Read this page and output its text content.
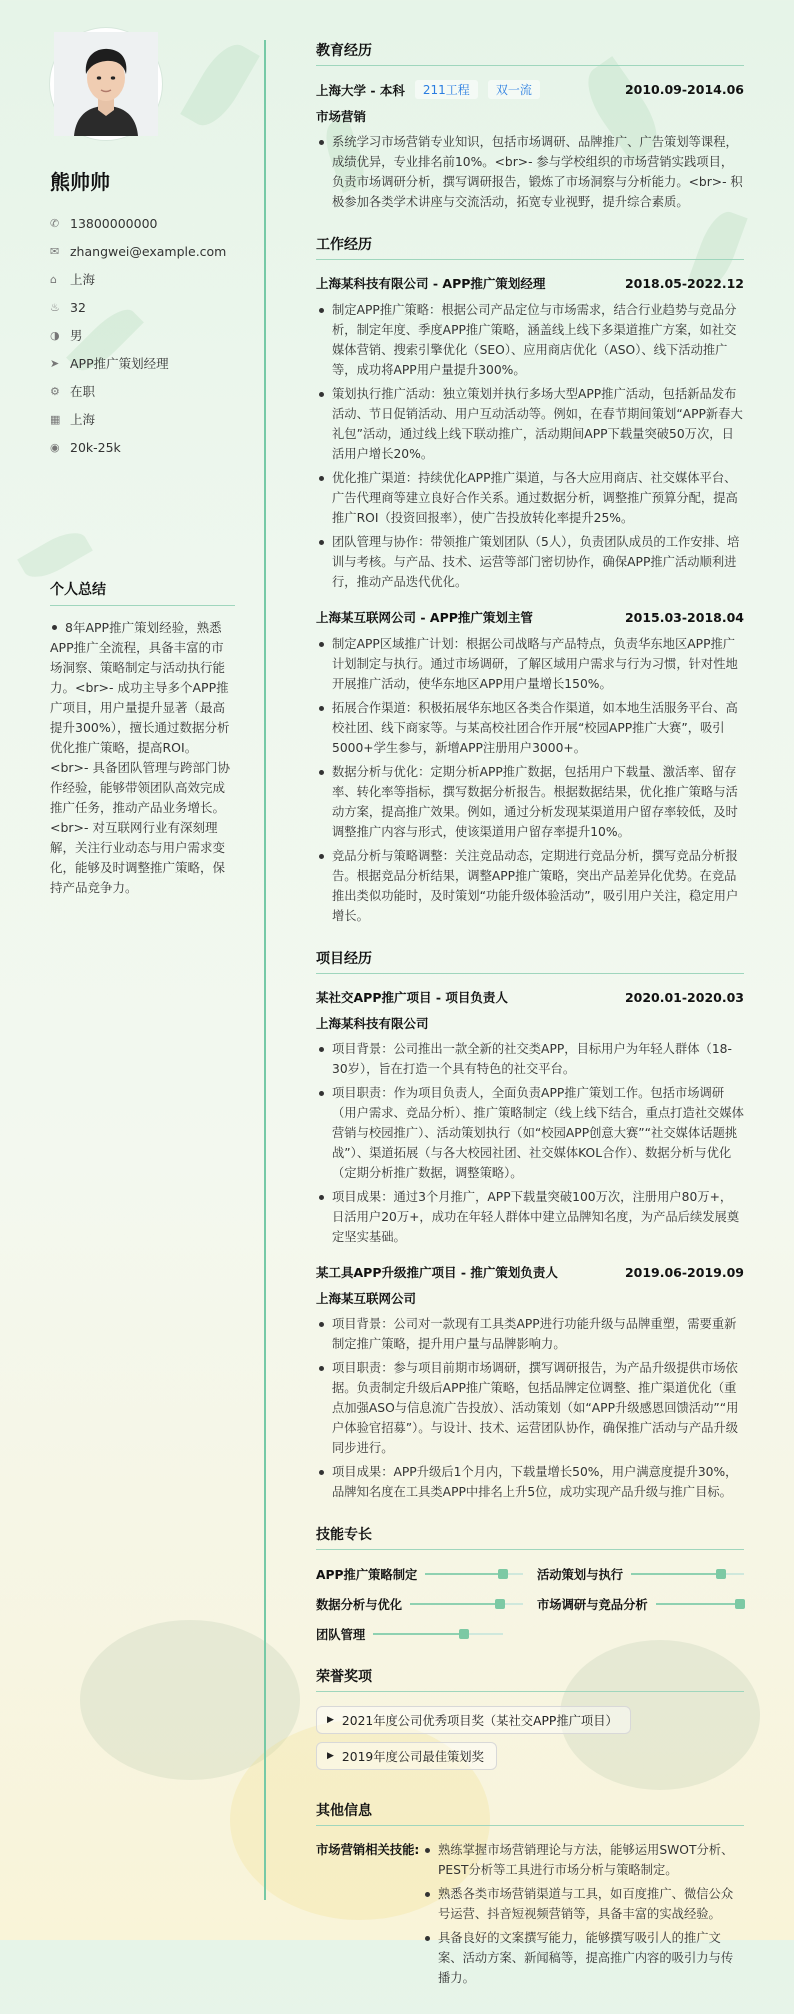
熊帅帅
✆ 13800000000
✉ zhangwei@example.com
⌂	上海
♨ 32
◑ 男
➤ APP推广策划经理
⚙ 在职
▦ 上海
◉ 20k-25k
个人总结
8年APP推广策划经验，熟悉APP推广全流程，具备丰富的市场洞察、策略制定与活动执行能力。<br>- 成功主导多个APP推广项目，用户量提升显著（最高提升300%），擅长通过数据分析优化推广策略，提高ROI。<br>- 具备团队管理与跨部门协作经验，能够带领团队高效完成推广任务，推动产品业务增长。<br>- 对互联网行业有深刻理解，关注行业动态与用户需求变化，能够及时调整推广策略，保持产品竞争力。
教育经历
上海大学 - 本科	211工程	双一流	2010.09-2014.06
市场营销
系统学习市场营销专业知识，包括市场调研、品牌推广、广告策划等课程，成绩优异，专业排名前10%。<br>- 参与学校组织的市场营销实践项目，负责市场调研分析，撰写调研报告，锻炼了市场洞察与分析能力。<br>- 积极参加各类学术讲座与交流活动，拓宽专业视野，提升综合素质。
工作经历
上海某科技有限公司 - APP推广策划经理	2018.05-2022.12
制定APP推广策略：根据公司产品定位与市场需求，结合行业趋势与竞品分析，制定年度、季度APP推广策略，涵盖线上线下多渠道推广方案，如社交媒体营销、搜索引擎优化（SEO）、应用商店优化（ASO）、线下活动推广等，成功将APP用户量提升300%。
策划执行推广活动：独立策划并执行多场大型APP推广活动，包括新品发布活动、节日促销活动、用户互动活动等。例如，在春节期间策划“APP新春大礼包”活动，通过线上线下联动推广，活动期间APP下载量突破50万次，日活用户增长20%。
优化推广渠道：持续优化APP推广渠道，与各大应用商店、社交媒体平台、广告代理商等建立良好合作关系。通过数据分析，调整推广预算分配，提高推广ROI（投资回报率），使广告投放转化率提升25%。
团队管理与协作：带领推广策划团队（5人），负责团队成员的工作安排、培训与考核。与产品、技术、运营等部门密切协作，确保APP推广活动顺利进行，推动产品迭代优化。
上海某互联网公司 - APP推广策划主管	2015.03-2018.04
制定APP区域推广计划：根据公司战略与产品特点，负责华东地区APP推广计划制定与执行。通过市场调研，了解区域用户需求与行为习惯，针对性地开展推广活动，使华东地区APP用户量增长150%。
拓展合作渠道：积极拓展华东地区各类合作渠道，如本地生活服务平台、高校社团、线下商家等。与某高校社团合作开展“校园APP推广大赛”，吸引5000+学生参与，新增APP注册用户3000+。
数据分析与优化：定期分析APP推广数据，包括用户下载量、激活率、留存率、转化率等指标，撰写数据分析报告。根据数据结果，优化推广策略与活动方案，提高推广效果。例如，通过分析发现某渠道用户留存率较低，及时调整推广内容与形式，使该渠道用户留存率提升10%。
竞品分析与策略调整：关注竞品动态，定期进行竞品分析，撰写竞品分析报告。根据竞品分析结果，调整APP推广策略，突出产品差异化优势。在竞品推出类似功能时，及时策划“功能升级体验活动”，吸引用户关注，稳定用户增长。
项目经历
某社交APP推广项目 - 项目负责人	2020.01-2020.03
上海某科技有限公司
项目背景：公司推出一款全新的社交类APP，目标用户为年轻人群体（18-30岁），旨在打造一个具有特色的社交平台。
项目职责：作为项目负责人，全面负责APP推广策划工作。包括市场调研（用户需求、竞品分析）、推广策略制定（线上线下结合，重点打造社交媒体营销与校园推广）、活动策划执行（如“校园APP创意大赛”“社交媒体话题挑战”）、渠道拓展（与各大校园社团、社交媒体KOL合作）、数据分析与优化（定期分析推广数据，调整策略）。
项目成果：通过3个月推广，APP下载量突破100万次，注册用户80万+，日活用户20万+，成功在年轻人群体中建立品牌知名度，为产品后续发展奠定坚实基础。
某工具APP升级推广项目 - 推广策划负责人	2019.06-2019.09
上海某互联网公司
项目背景：公司对一款现有工具类APP进行功能升级与品牌重塑，需要重新制定推广策略，提升用户量与品牌影响力。
项目职责：参与项目前期市场调研，撰写调研报告，为产品升级提供市场依据。负责制定升级后APP推广策略，包括品牌定位调整、推广渠道优化（重点加强ASO与信息流广告投放）、活动策划（如“APP升级感恩回馈活动”“用户体验官招募”）。与设计、技术、运营团队协作，确保推广活动与产品升级同步进行。
项目成果：APP升级后1个月内，下载量增长50%，用户满意度提升30%，品牌知名度在工具类APP中排名上升5位，成功实现产品升级与推广目标。
技能专长
APP推广策略制定	活动策划与执行
数据分析与优化	市场调研与竞品分析
团队管理
荣誉奖项
▶ 2021年度公司优秀项目奖（某社交APP推广项目）
▶ 2019年度公司最佳策划奖
其他信息
市场营销相关技能:	熟练掌握市场营销理论与方法，能够运用SWOT分析、PEST分析等工具进行市场分析与策略制定。
熟悉各类市场营销渠道与工具，如百度推广、微信公众号运营、抖音短视频营销等，具备丰富的实战经验。
具备良好的文案撰写能力，能够撰写吸引人的推广文案、活动方案、新闻稿等，提高推广内容的吸引力与传播力。
